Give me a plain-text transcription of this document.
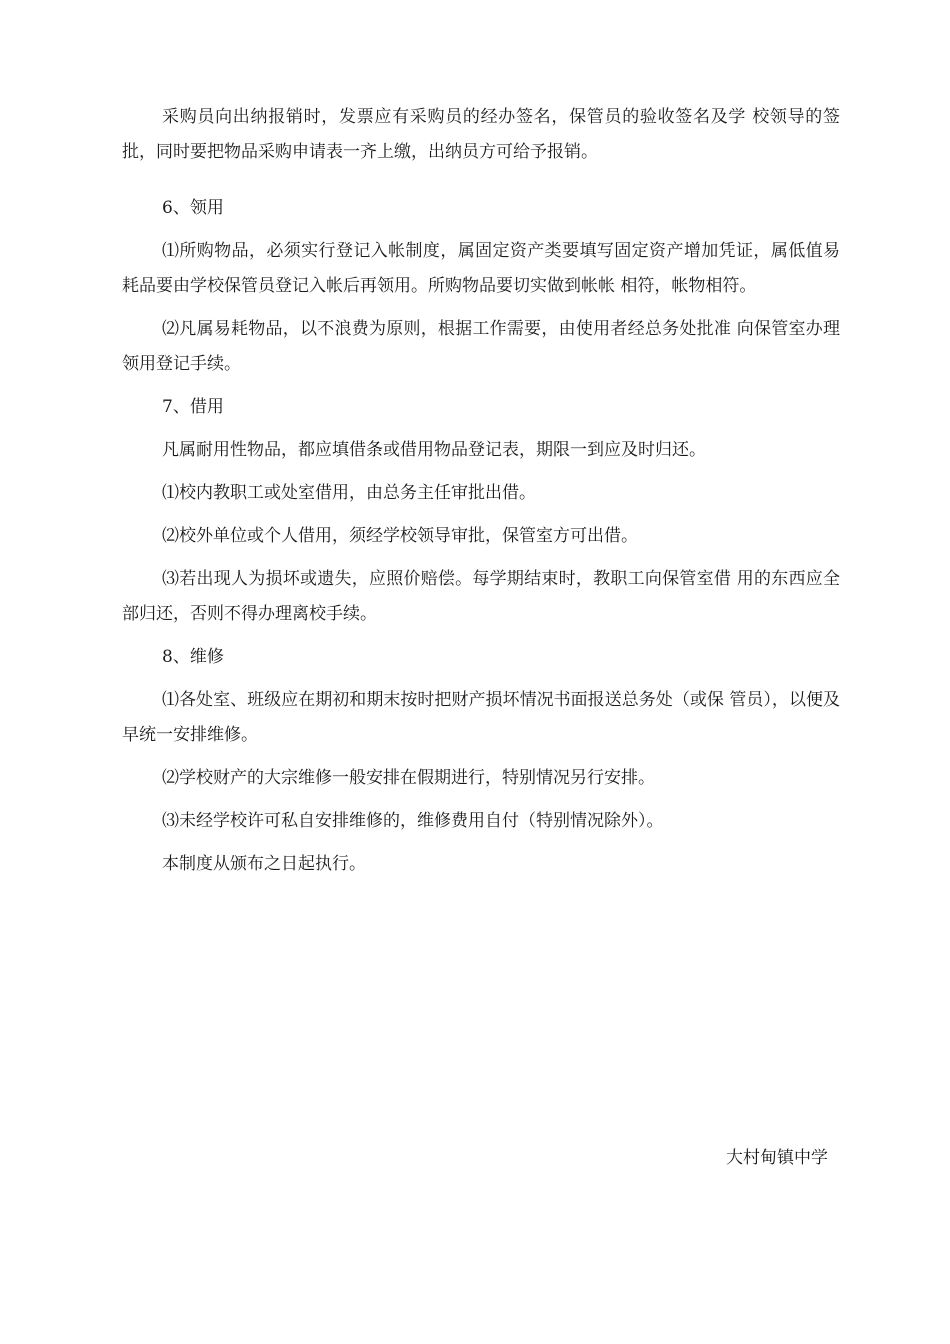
采购员向出纳报销时，发票应有采购员的经办签名，保管员的验收签名及学 校领导的签批，同时要把物品采购申请表一齐上缴，出纳员方可给予报销。

6、领用

⑴所购物品，必须实行登记入帐制度，属固定资产类要填写固定资产增加凭证，属低值易耗品要由学校保管员登记入帐后再领用。所购物品要切实做到帐帐 相符，帐物相符。

⑵凡属易耗物品，以不浪费为原则，根据工作需要，由使用者经总务处批准 向保管室办理领用登记手续。

7、借用

凡属耐用性物品，都应填借条或借用物品登记表，期限一到应及时归还。

⑴校内教职工或处室借用，由总务主任审批出借。

⑵校外单位或个人借用，须经学校领导审批，保管室方可出借。

⑶若出现人为损坏或遗失，应照价赔偿。每学期结束时，教职工向保管室借 用的东西应全部归还，否则不得办理离校手续。

8、维修

⑴各处室、班级应在期初和期末按时把财产损坏情况书面报送总务处（或保 管员），以便及早统一安排维修。

⑵学校财产的大宗维修一般安排在假期进行，特别情况另行安排。

⑶未经学校许可私自安排维修的，维修费用自付（特别情况除外）。

本制度从颁布之日起执行。

大村甸镇中学
